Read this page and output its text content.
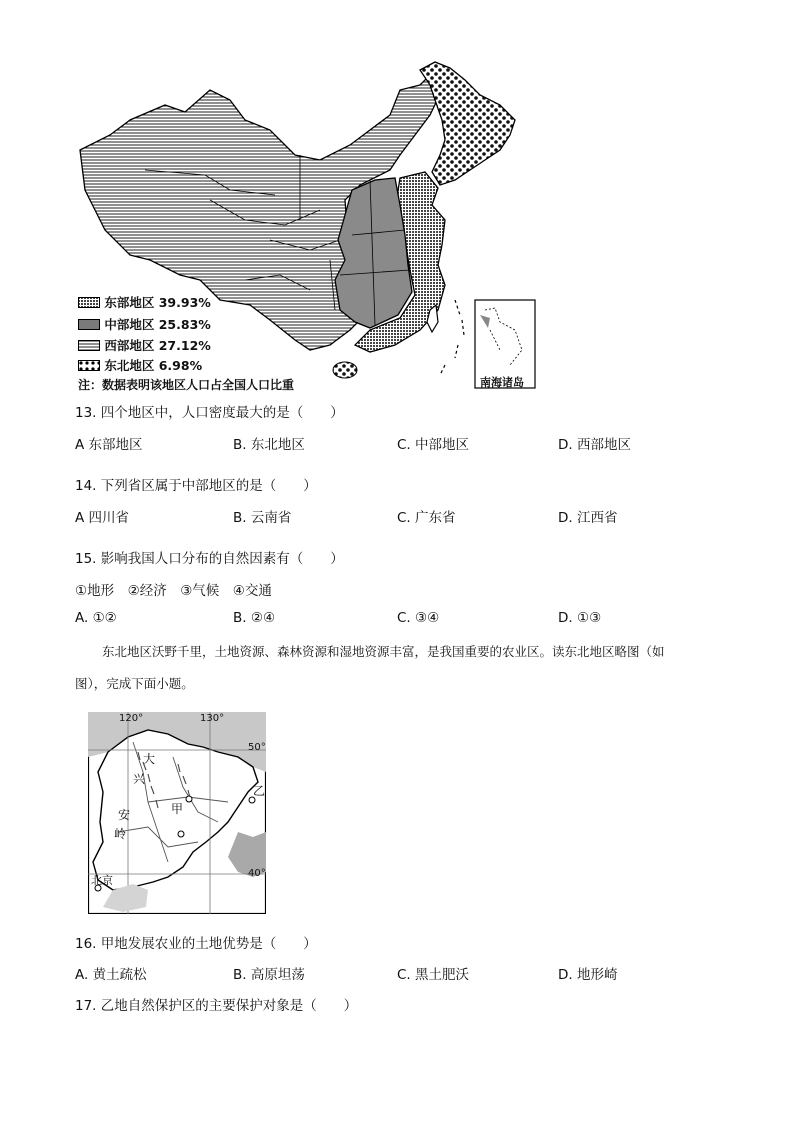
东部地区 39.93%
中部地区 25.83%
西部地区 27.12%
东北地区 6.98%
注：数据表明该地区人口占全国人口比重	南海诸岛
13. 四个地区中，人口密度最大的是（　　）
A 东部地区	B. 东北地区	C. 中部地区	D. 西部地区
14. 下列省区属于中部地区的是（　　）
A 四川省	B. 云南省	C. 广东省	D. 江西省
15. 影响我国人口分布的自然因素有（　　）
①地形　②经济　③气候　④交通
A. ①②	B. ②④	C. ③④	D. ①③
东北地区沃野千里，土地资源、森林资源和湿地资源丰富，是我国重要的农业区。读东北地区略图（如
图），完成下面小题。
120°	130°
50°
40°
大
兴
安
岭
甲
乙
北京
16. 甲地发展农业的土地优势是（　　）
A. 黄土疏松	B. 高原坦荡	C. 黑土肥沃	D. 地形崎
17. 乙地自然保护区的主要保护对象是（　　）
